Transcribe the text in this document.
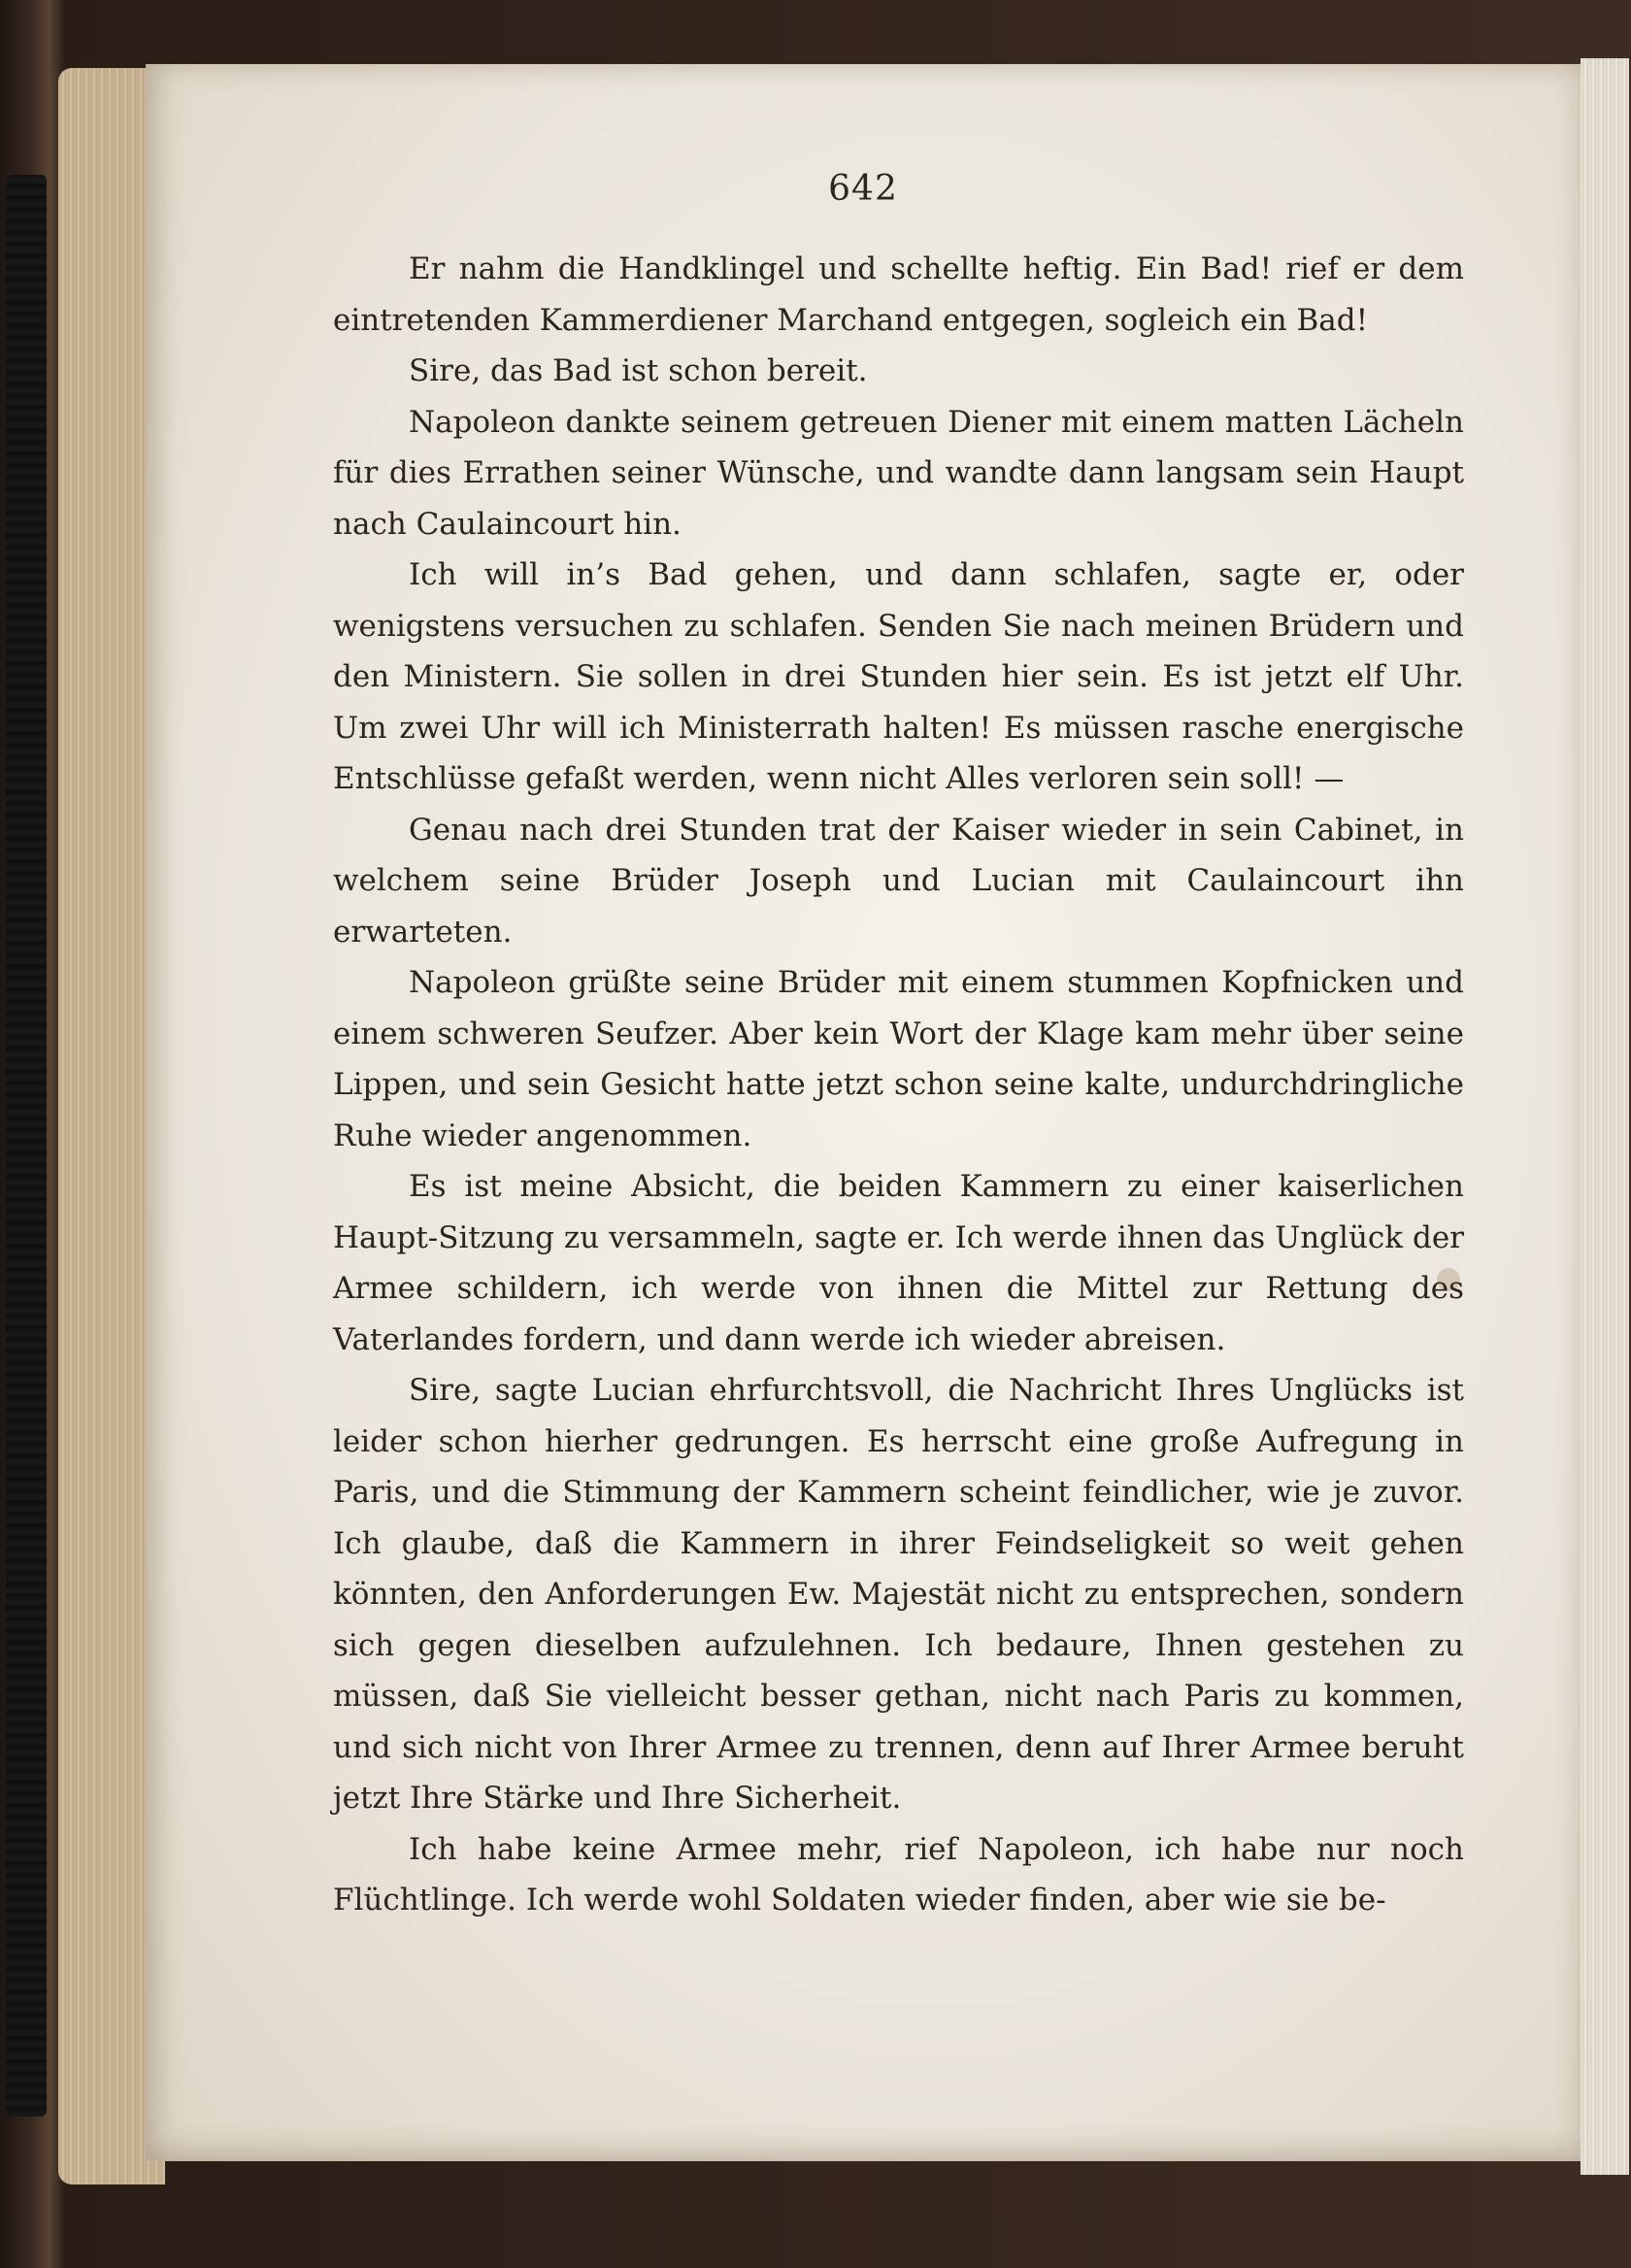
642

Er nahm die Handklingel und schellte heftig. Ein Bad! rief er dem eintretenden Kammerdiener Marchand entgegen, sogleich ein Bad!

Sire, das Bad ist schon bereit.

Napoleon dankte seinem getreuen Diener mit einem matten Lächeln für dies Errathen seiner Wünsche, und wandte dann langsam sein Haupt nach Caulaincourt hin.

Ich will in’s Bad gehen, und dann schlafen, sagte er, oder wenigstens versuchen zu schlafen. Senden Sie nach meinen Brüdern und den Ministern. Sie sollen in drei Stunden hier sein. Es ist jetzt elf Uhr. Um zwei Uhr will ich Ministerrath halten! Es müssen rasche energische Entschlüsse gefaßt werden, wenn nicht Alles verloren sein soll! —

Genau nach drei Stunden trat der Kaiser wieder in sein Cabinet, in welchem seine Brüder Joseph und Lucian mit Caulaincourt ihn erwarteten.

Napoleon grüßte seine Brüder mit einem stummen Kopfnicken und einem schweren Seufzer. Aber kein Wort der Klage kam mehr über seine Lippen, und sein Gesicht hatte jetzt schon seine kalte, undurchdringliche Ruhe wieder angenommen.

Es ist meine Absicht, die beiden Kammern zu einer kaiserlichen Haupt-Sitzung zu versammeln, sagte er. Ich werde ihnen das Unglück der Armee schildern, ich werde von ihnen die Mittel zur Rettung des Vaterlandes fordern, und dann werde ich wieder abreisen.

Sire, sagte Lucian ehrfurchtsvoll, die Nachricht Ihres Unglücks ist leider schon hierher gedrungen. Es herrscht eine große Aufregung in Paris, und die Stimmung der Kammern scheint feindlicher, wie je zuvor. Ich glaube, daß die Kammern in ihrer Feindseligkeit so weit gehen könnten, den Anforderungen Ew. Majestät nicht zu entsprechen, sondern sich gegen dieselben aufzulehnen. Ich bedaure, Ihnen gestehen zu müssen, daß Sie vielleicht besser gethan, nicht nach Paris zu kommen, und sich nicht von Ihrer Armee zu trennen, denn auf Ihrer Armee beruht jetzt Ihre Stärke und Ihre Sicherheit.

Ich habe keine Armee mehr, rief Napoleon, ich habe nur noch Flüchtlinge. Ich werde wohl Soldaten wieder finden, aber wie sie be-
